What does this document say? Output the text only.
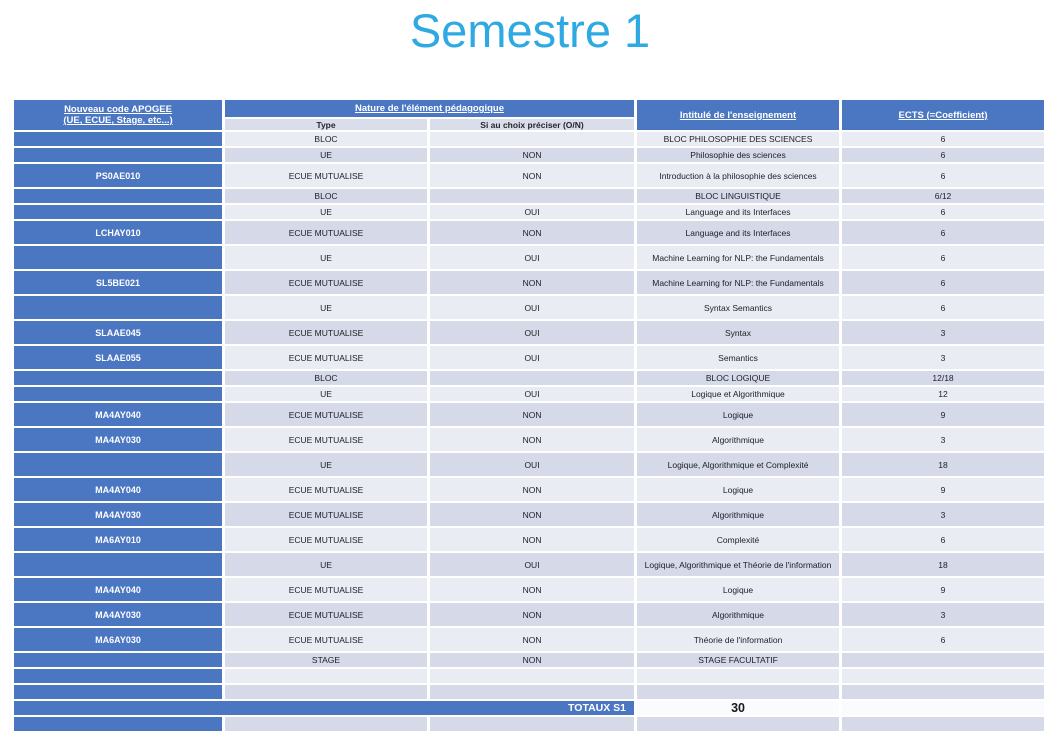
Semestre 1
Nouveau code APOGEE
(UE, ECUE, Stage, etc...)	Nature de l'élément pédagogique		Intitulé de l'enseignement	ECTS (=Coefficient)
	Type	Si au choix préciser (O/N)		
	BLOC		BLOC PHILOSOPHIE DES SCIENCES	6
	UE	NON	Philosophie des sciences	6
PS0AE010	ECUE MUTUALISE	NON	Introduction à la philosophie des sciences	6
	BLOC		BLOC LINGUISTIQUE	6/12
	UE	OUI	Language and its Interfaces	6
LCHAY010	ECUE MUTUALISE	NON	Language and its Interfaces	6
	UE	OUI	Machine Learning for NLP: the Fundamentals	6
SL5BE021	ECUE MUTUALISE	NON	Machine Learning for NLP: the Fundamentals	6
	UE	OUI	Syntax Semantics	6
SLAAE045	ECUE MUTUALISE	OUI	Syntax	3
SLAAE055	ECUE MUTUALISE	OUI	Semantics	3
	BLOC		BLOC LOGIQUE	12/18
	UE	OUI	Logique et Algorithmique	12
MA4AY040	ECUE MUTUALISE	NON	Logique	9
MA4AY030	ECUE MUTUALISE	NON	Algorithmique	3
	UE	OUI	Logique, Algorithmique et Complexité	18
MA4AY040	ECUE MUTUALISE	NON	Logique	9
MA4AY030	ECUE MUTUALISE	NON	Algorithmique	3
MA6AY010	ECUE MUTUALISE	NON	Complexité	6
	UE	OUI	Logique, Algorithmique et Théorie de l'information	18
MA4AY040	ECUE MUTUALISE	NON	Logique	9
MA4AY030	ECUE MUTUALISE	NON	Algorithmique	3
MA6AY030	ECUE MUTUALISE	NON	Théorie de l'information	6
	STAGE	NON	STAGE FACULTATIF	

TOTAUX S1			30	
